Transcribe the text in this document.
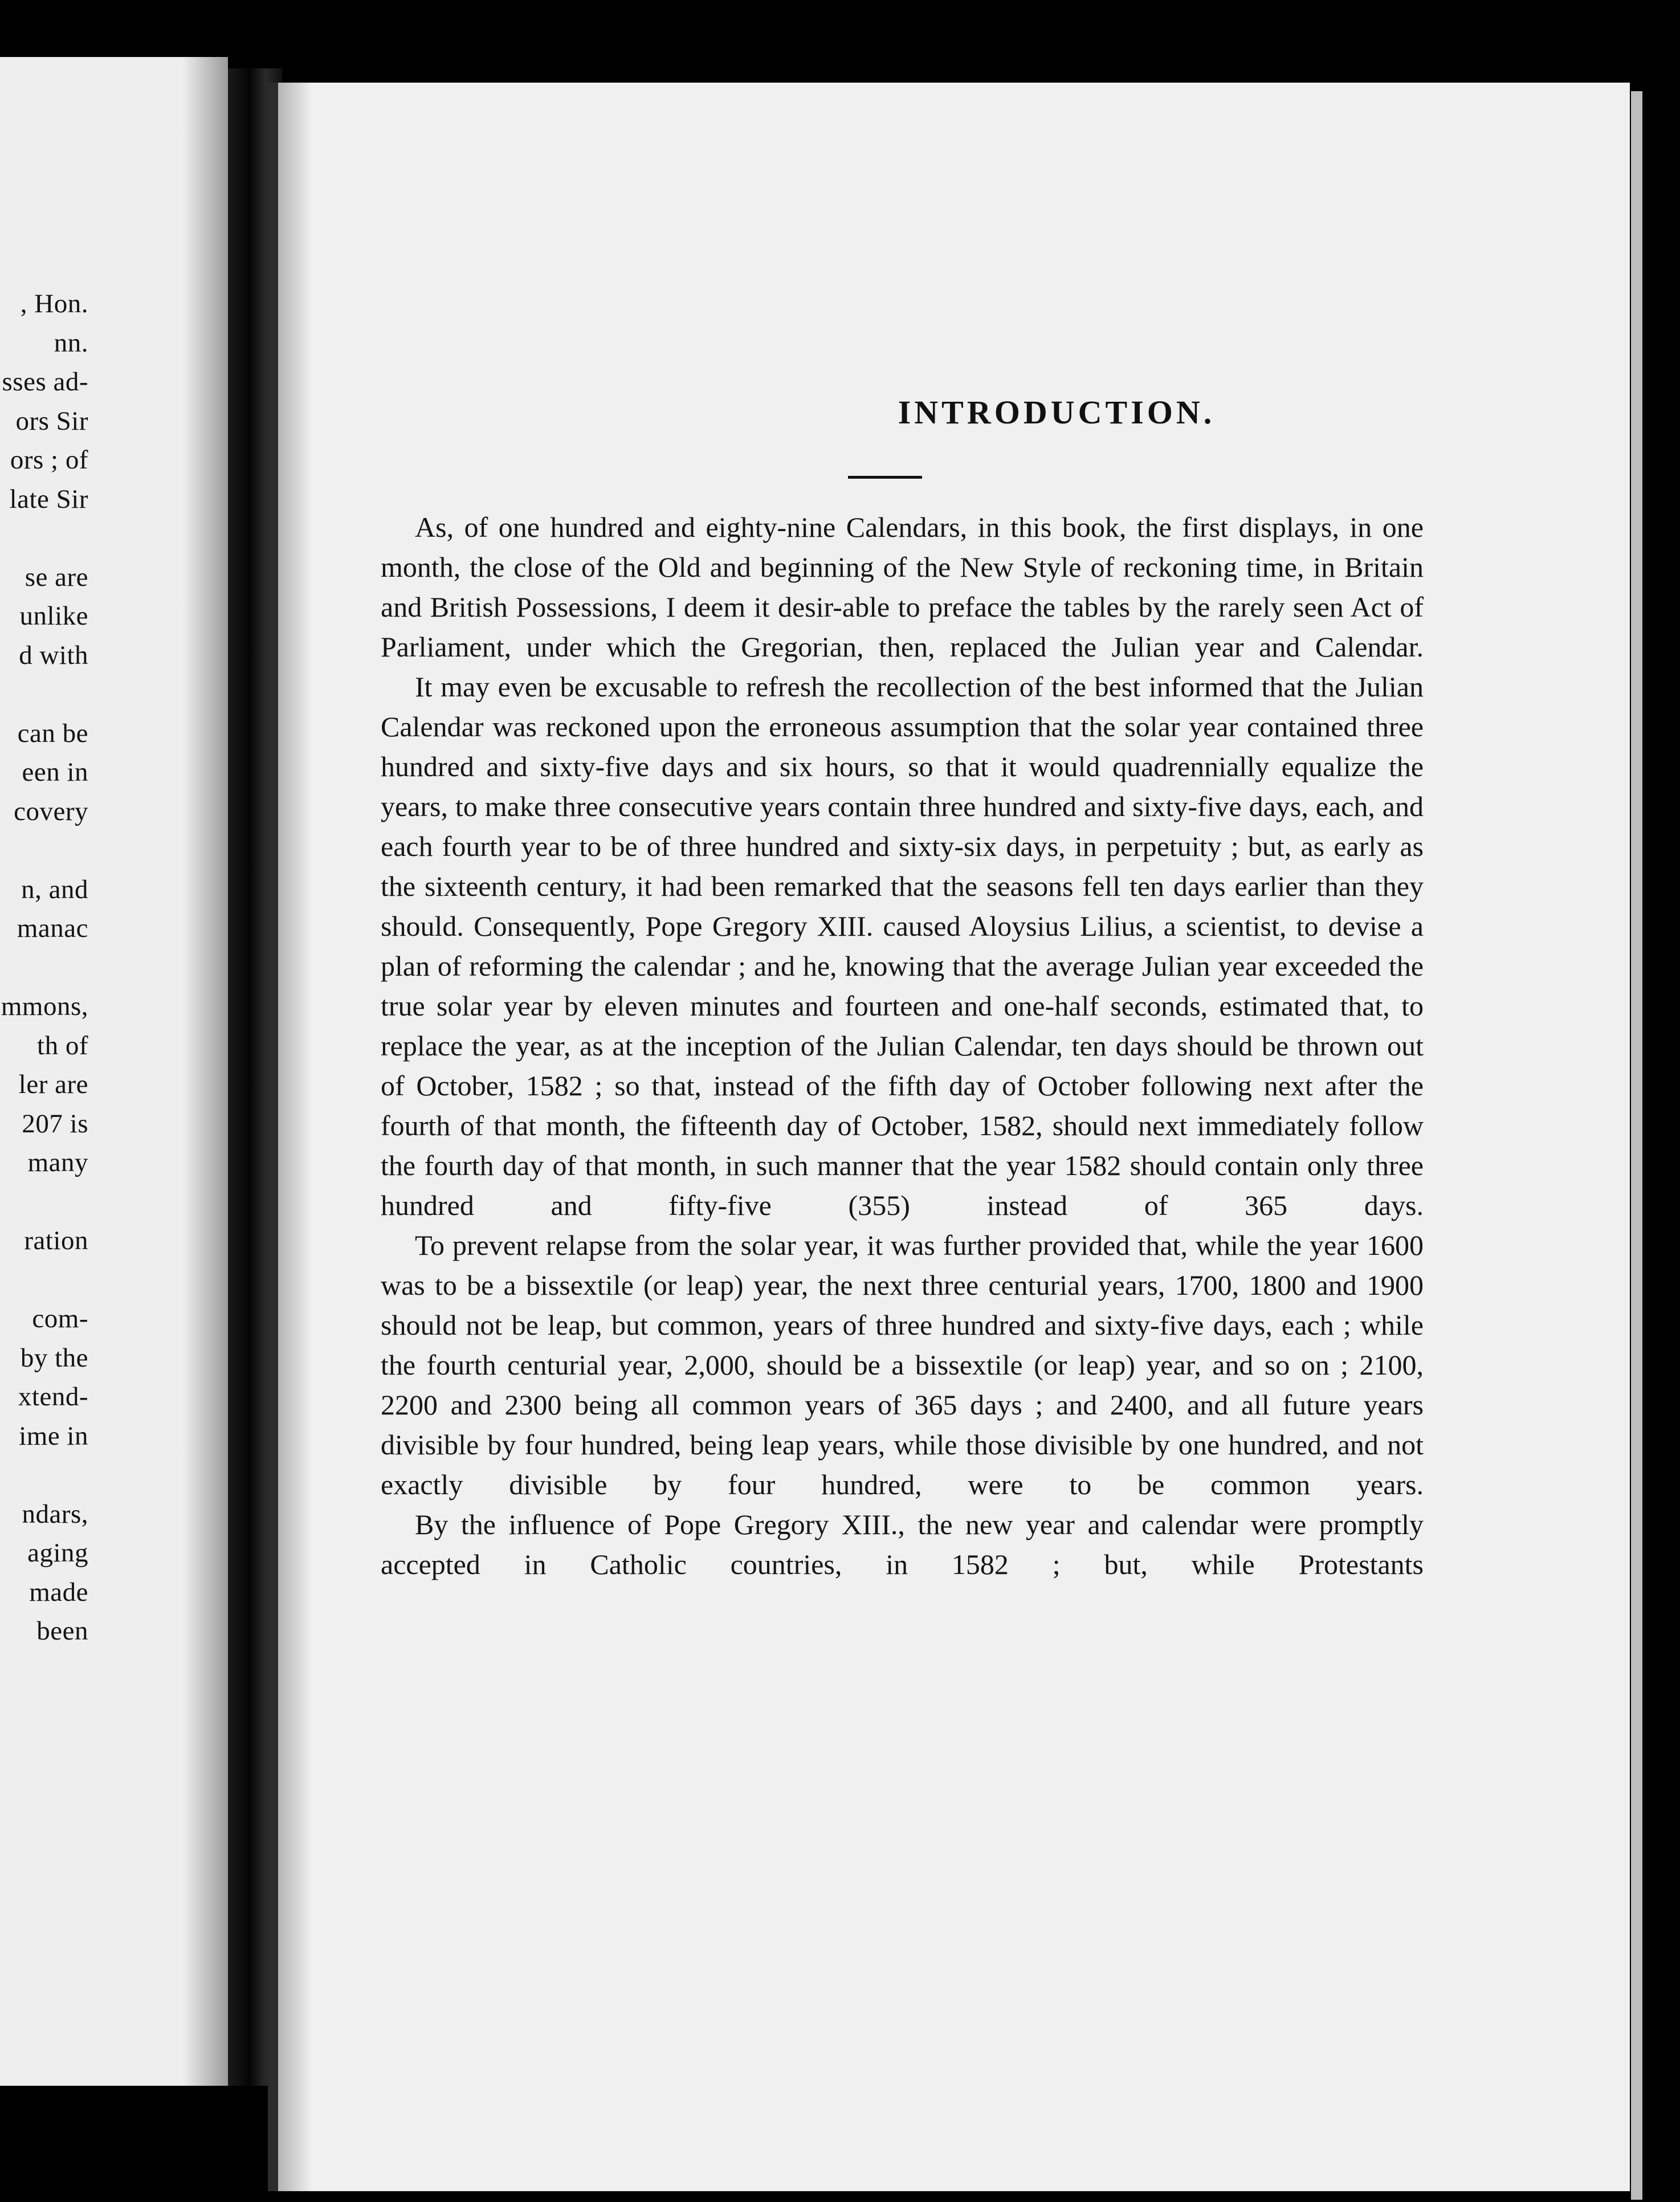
, Hon.
nn.
sses ad-
ors Sir
ors ; of
late Sir
se are
unlike
d with
can be
een in
covery
n, and
manac
mmons,
th of
ler are
207 is
many
ration
com-
by the
xtend-
ime in
ndars,
aging
made
been
INTRODUCTION.

As, of one hundred and eighty-nine Calendars, in this book, the first displays, in one month, the close of the Old and beginning of the New Style of reckoning time, in Britain and British Possessions, I deem it desir-able to preface the tables by the rarely seen Act of Parliament, under which the Gregorian, then, replaced the Julian year and Calendar.

It may even be excusable to refresh the recollection of the best informed that the Julian Calendar was reckoned upon the erroneous assumption that the solar year contained three hundred and sixty-five days and six hours, so that it would quadrennially equalize the years, to make three consecutive years contain three hundred and sixty-five days, each, and each fourth year to be of three hundred and sixty-six days, in perpetuity ; but, as early as the sixteenth century, it had been remarked that the seasons fell ten days earlier than they should. Consequently, Pope Gregory XIII. caused Aloysius Lilius, a scientist, to devise a plan of reforming the calendar ; and he, knowing that the average Julian year exceeded the true solar year by eleven minutes and fourteen and one-half seconds, estimated that, to replace the year, as at the inception of the Julian Calendar, ten days should be thrown out of October, 1582 ; so that, instead of the fifth day of October following next after the fourth of that month, the fifteenth day of October, 1582, should next immediately follow the fourth day of that month, in such manner that the year 1582 should contain only three hundred and fifty-five (355) instead of 365 days.

To prevent relapse from the solar year, it was further provided that, while the year 1600 was to be a bissextile (or leap) year, the next three centurial years, 1700, 1800 and 1900 should not be leap, but common, years of three hundred and sixty-five days, each ; while the fourth centurial year, 2,000, should be a bissextile (or leap) year, and so on ; 2100, 2200 and 2300 being all common years of 365 days ; and 2400, and all future years divisible by four hundred, being leap years, while those divisible by one hundred, and not exactly divisible by four hundred, were to be common years.

By the influence of Pope Gregory XIII., the new year and calendar were promptly accepted in Catholic countries, in 1582 ; but, while Protestants
